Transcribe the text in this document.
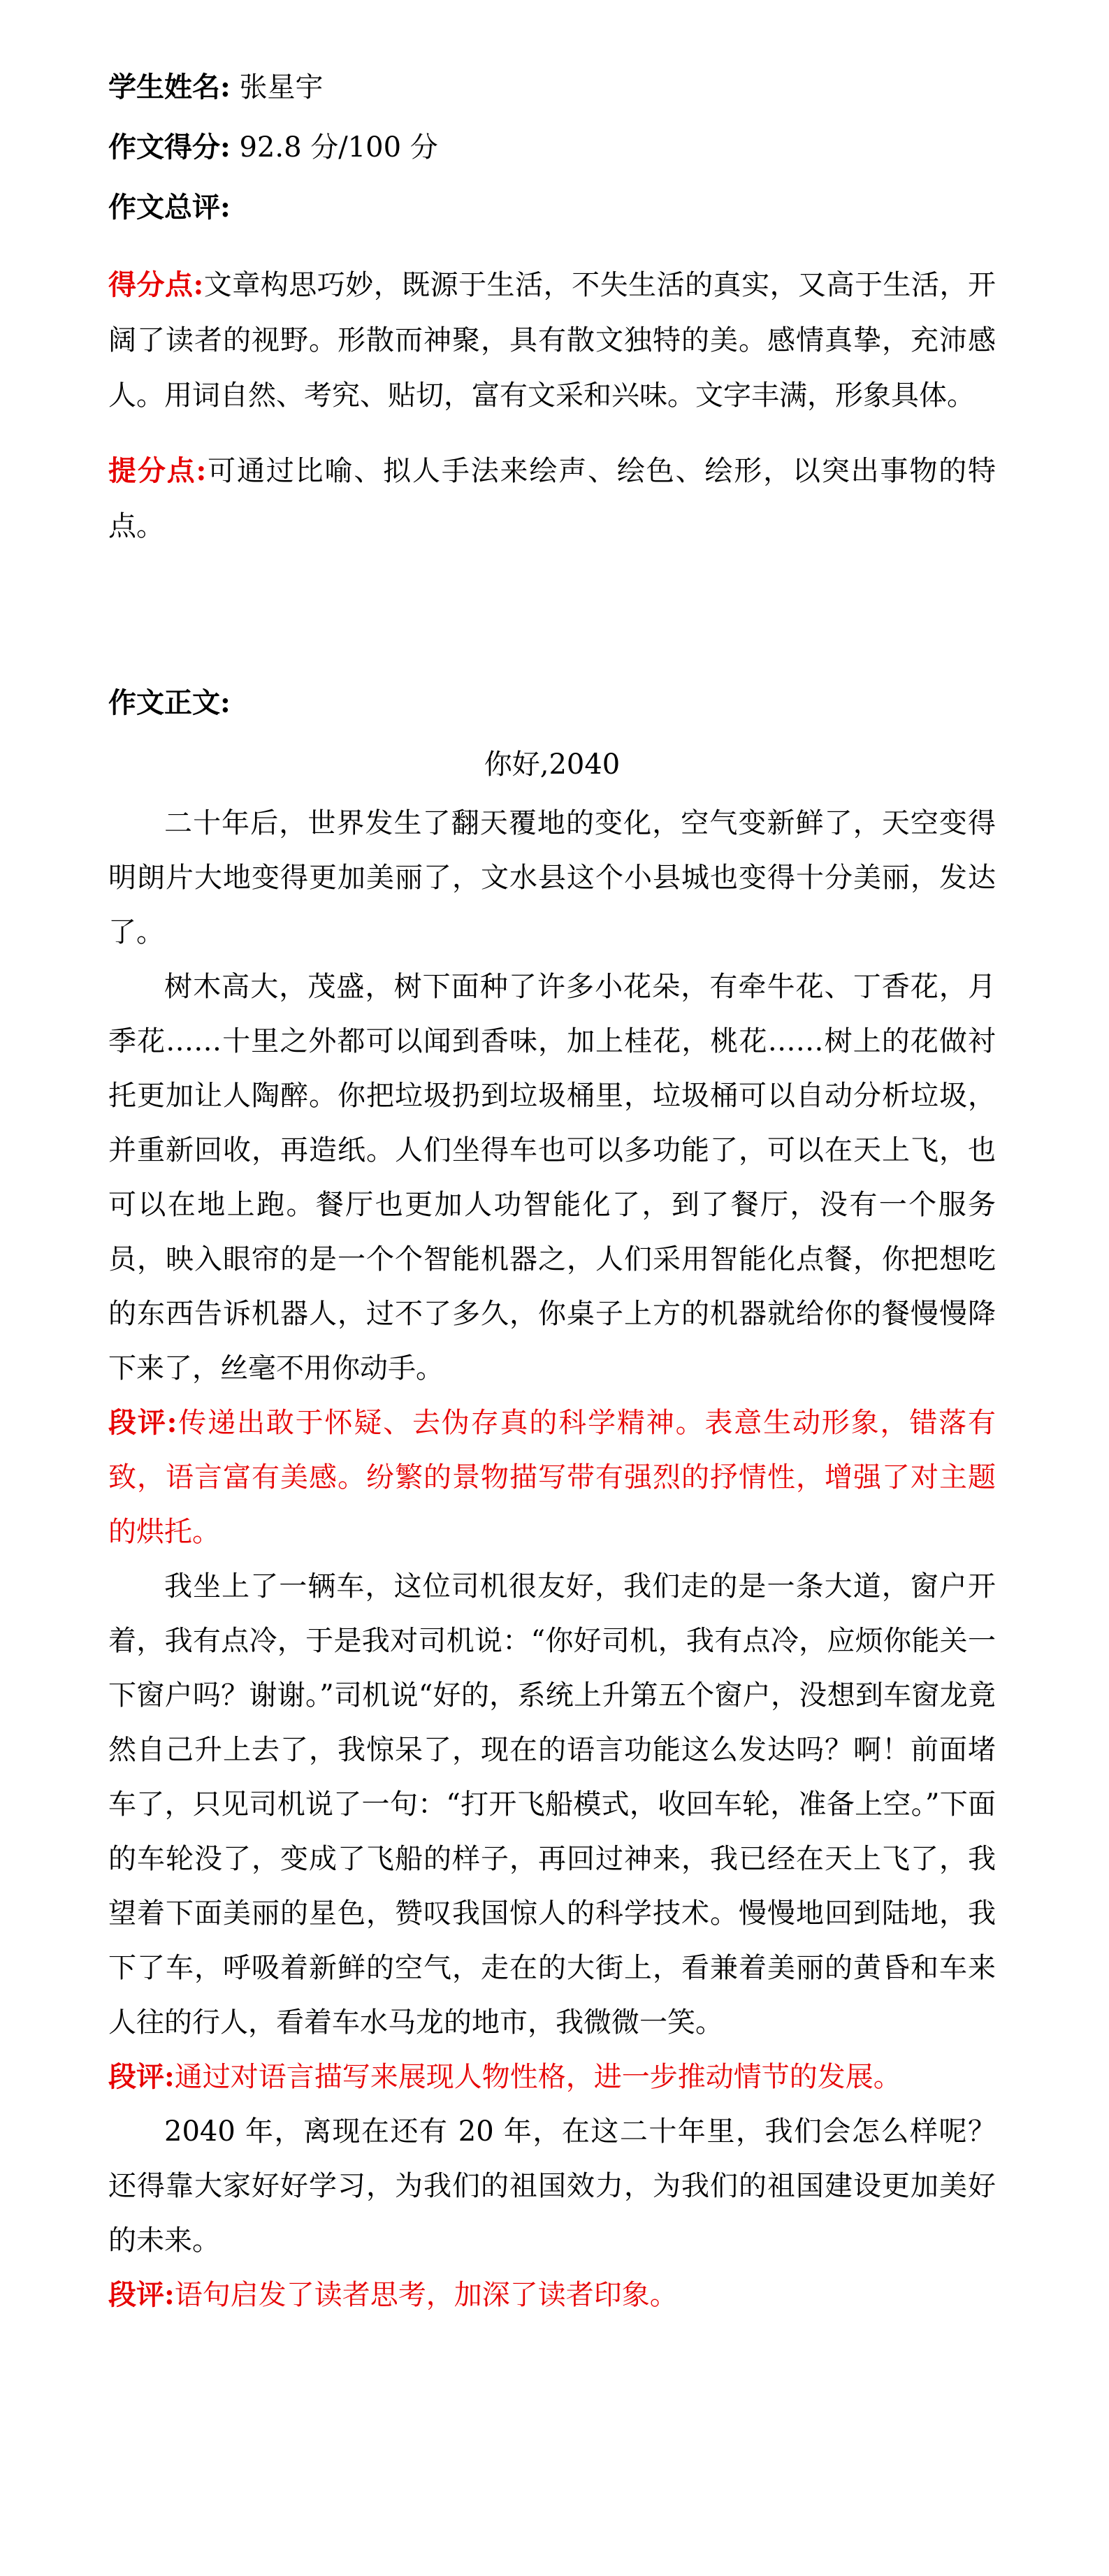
学生姓名: 张星宇
作文得分: 92.8 分/100 分
作文总评:
得分点:文章构思巧妙，既源于生活，不失生活的真实，又高于生活，开阔了读者的视野。形散而神聚，具有散文独特的美。感情真挚，充沛感人。用词自然、考究、贴切，富有文采和兴味。文字丰满，形象具体。
提分点:可通过比喻、拟人手法来绘声、绘色、绘形，以突出事物的特点。
作文正文:
你好,2040
二十年后，世界发生了翻天覆地的变化，空气变新鲜了，天空变得明朗片大地变得更加美丽了，文水县这个小县城也变得十分美丽，发达了。
树木高大，茂盛，树下面种了许多小花朵，有牵牛花、丁香花，月季花……十里之外都可以闻到香味，加上桂花，桃花……树上的花做衬托更加让人陶醉。你把垃圾扔到垃圾桶里，垃圾桶可以自动分析垃圾，并重新回收，再造纸。人们坐得车也可以多功能了，可以在天上飞，也可以在地上跑。餐厅也更加人功智能化了，到了餐厅，没有一个服务员，映入眼帘的是一个个智能机器之，人们采用智能化点餐，你把想吃的东西告诉机器人，过不了多久，你桌子上方的机器就给你的餐慢慢降下来了，丝毫不用你动手。
段评:传递出敢于怀疑、去伪存真的科学精神。表意生动形象，错落有致，语言富有美感。纷繁的景物描写带有强烈的抒情性，增强了对主题的烘托。
我坐上了一辆车，这位司机很友好，我们走的是一条大道，窗户开着，我有点冷，于是我对司机说：“你好司机，我有点冷，应烦你能关一下窗户吗？谢谢。”司机说“好的，系统上升第五个窗户，没想到车窗龙竟然自己升上去了，我惊呆了，现在的语言功能这么发达吗？啊！前面堵车了，只见司机说了一句：“打开飞船模式，收回车轮，准备上空。”下面的车轮没了，变成了飞船的样子，再回过神来，我已经在天上飞了，我望着下面美丽的星色，赞叹我国惊人的科学技术。慢慢地回到陆地，我下了车，呼吸着新鲜的空气，走在的大街上，看兼着美丽的黄昏和车来人往的行人，看着车水马龙的地市，我微微一笑。
段评:通过对语言描写来展现人物性格，进一步推动情节的发展。
2040 年，离现在还有 20 年，在这二十年里，我们会怎么样呢？还得靠大家好好学习，为我们的祖国效力，为我们的祖国建设更加美好的未来。
段评:语句启发了读者思考，加深了读者印象。
